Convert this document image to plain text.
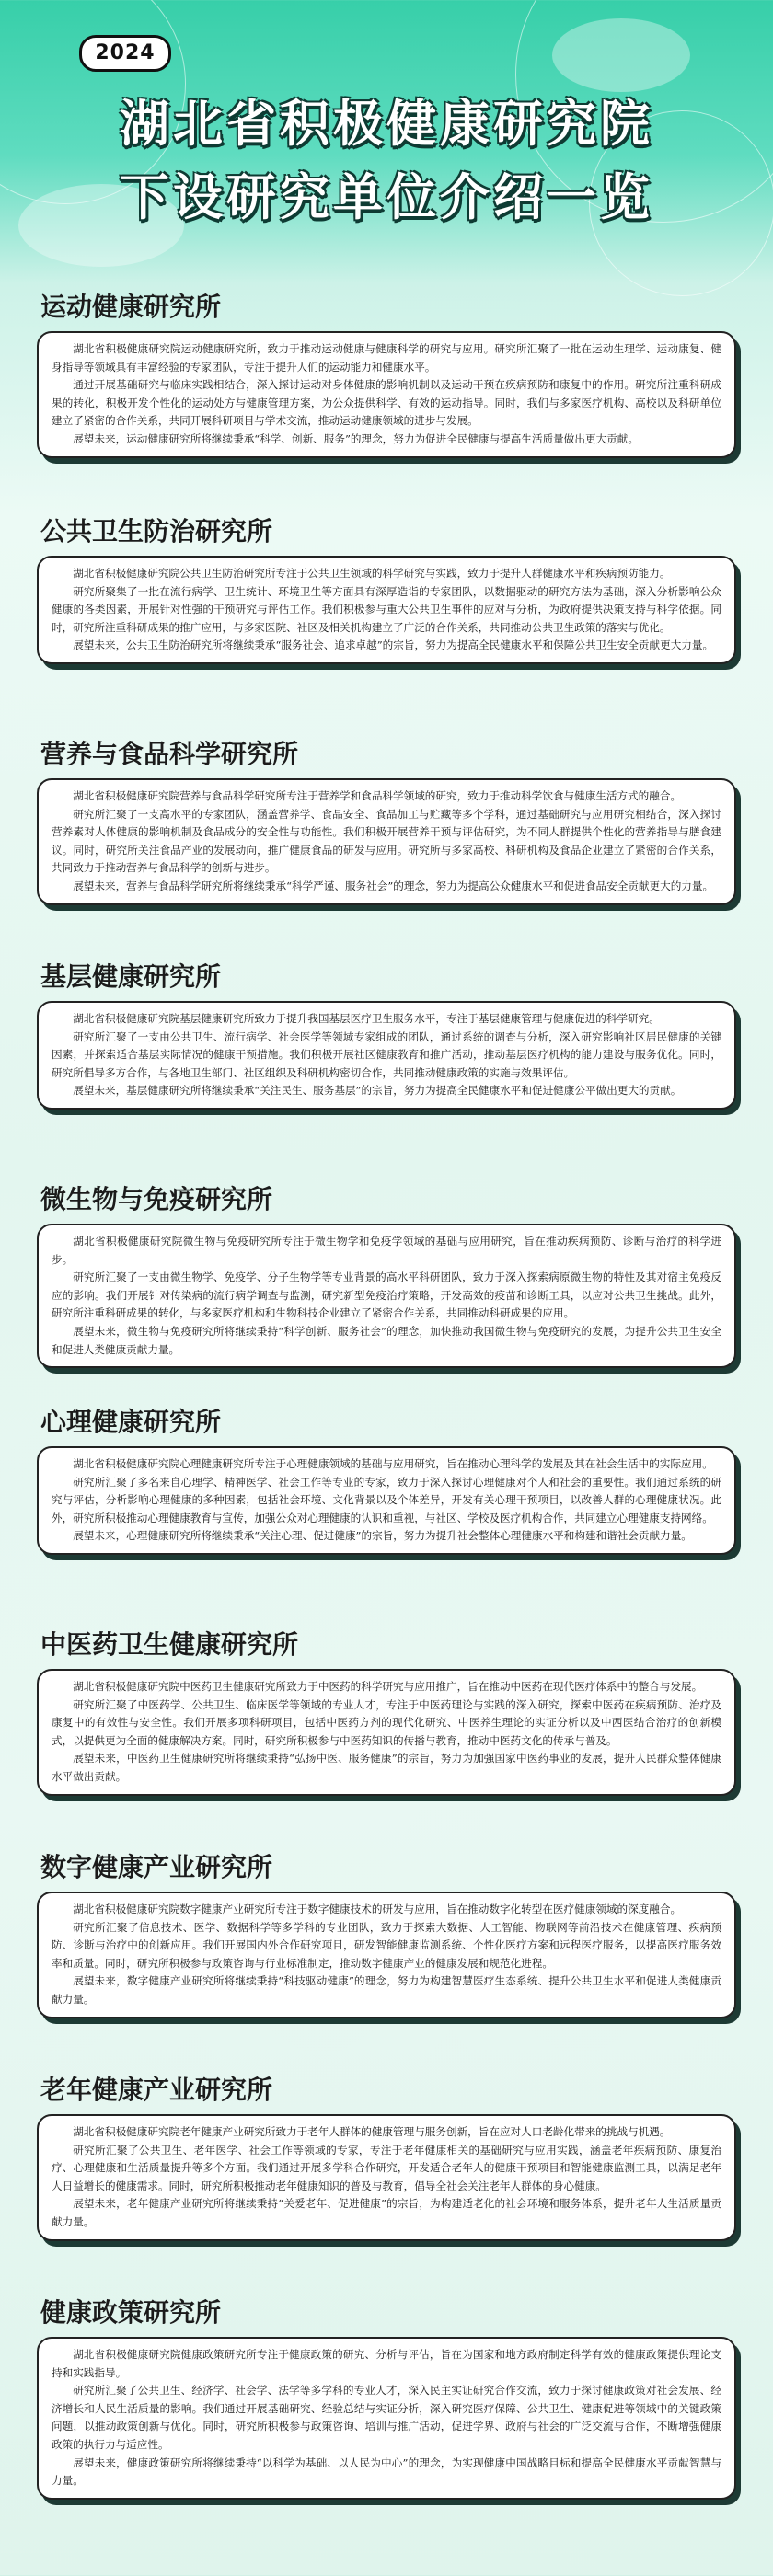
2024
湖北省积极健康研究院
下设研究单位介绍一览
运动健康研究所

湖北省积极健康研究院运动健康研究所，致力于推动运动健康与健康科学的研究与应用。研究所汇聚了一批在运动生理学、运动康复、健身指导等领域具有丰富经验的专家团队，专注于提升人们的运动能力和健康水平。

通过开展基础研究与临床实践相结合，深入探讨运动对身体健康的影响机制以及运动干预在疾病预防和康复中的作用。研究所注重科研成果的转化，积极开发个性化的运动处方与健康管理方案，为公众提供科学、有效的运动指导。同时，我们与多家医疗机构、高校以及科研单位建立了紧密的合作关系，共同开展科研项目与学术交流，推动运动健康领域的进步与发展。

展望未来，运动健康研究所将继续秉承“科学、创新、服务”的理念，努力为促进全民健康与提高生活质量做出更大贡献。

公共卫生防治研究所

湖北省积极健康研究院公共卫生防治研究所专注于公共卫生领域的科学研究与实践，致力于提升人群健康水平和疾病预防能力。

研究所聚集了一批在流行病学、卫生统计、环境卫生等方面具有深厚造诣的专家团队，以数据驱动的研究方法为基础，深入分析影响公众健康的各类因素，开展针对性强的干预研究与评估工作。我们积极参与重大公共卫生事件的应对与分析，为政府提供决策支持与科学依据。同时，研究所注重科研成果的推广应用，与多家医院、社区及相关机构建立了广泛的合作关系，共同推动公共卫生政策的落实与优化。

展望未来，公共卫生防治研究所将继续秉承“服务社会、追求卓越”的宗旨，努力为提高全民健康水平和保障公共卫生安全贡献更大力量。

营养与食品科学研究所

湖北省积极健康研究院营养与食品科学研究所专注于营养学和食品科学领域的研究，致力于推动科学饮食与健康生活方式的融合。

研究所汇聚了一支高水平的专家团队，涵盖营养学、食品安全、食品加工与贮藏等多个学科，通过基础研究与应用研究相结合，深入探讨营养素对人体健康的影响机制及食品成分的安全性与功能性。我们积极开展营养干预与评估研究，为不同人群提供个性化的营养指导与膳食建议。同时，研究所关注食品产业的发展动向，推广健康食品的研发与应用。研究所与多家高校、科研机构及食品企业建立了紧密的合作关系，共同致力于推动营养与食品科学的创新与进步。

展望未来，营养与食品科学研究所将继续秉承“科学严谨、服务社会”的理念，努力为提高公众健康水平和促进食品安全贡献更大的力量。

基层健康研究所

湖北省积极健康研究院基层健康研究所致力于提升我国基层医疗卫生服务水平，专注于基层健康管理与健康促进的科学研究。

研究所汇聚了一支由公共卫生、流行病学、社会医学等领域专家组成的团队，通过系统的调查与分析，深入研究影响社区居民健康的关键因素，并探索适合基层实际情况的健康干预措施。我们积极开展社区健康教育和推广活动，推动基层医疗机构的能力建设与服务优化。同时，研究所倡导多方合作，与各地卫生部门、社区组织及科研机构密切合作，共同推动健康政策的实施与效果评估。

展望未来，基层健康研究所将继续秉承“关注民生、服务基层”的宗旨，努力为提高全民健康水平和促进健康公平做出更大的贡献。

微生物与免疫研究所

湖北省积极健康研究院微生物与免疫研究所专注于微生物学和免疫学领域的基础与应用研究，旨在推动疾病预防、诊断与治疗的科学进步。

研究所汇聚了一支由微生物学、免疫学、分子生物学等专业背景的高水平科研团队，致力于深入探索病原微生物的特性及其对宿主免疫反应的影响。我们开展针对传染病的流行病学调查与监测，研究新型免疫治疗策略，开发高效的疫苗和诊断工具，以应对公共卫生挑战。此外，研究所注重科研成果的转化，与多家医疗机构和生物科技企业建立了紧密合作关系，共同推动科研成果的应用。

展望未来，微生物与免疫研究所将继续秉持“科学创新、服务社会”的理念，加快推动我国微生物与免疫研究的发展，为提升公共卫生安全和促进人类健康贡献力量。

心理健康研究所

湖北省积极健康研究院心理健康研究所专注于心理健康领域的基础与应用研究，旨在推动心理科学的发展及其在社会生活中的实际应用。

研究所汇聚了多名来自心理学、精神医学、社会工作等专业的专家，致力于深入探讨心理健康对个人和社会的重要性。我们通过系统的研究与评估，分析影响心理健康的多种因素，包括社会环境、文化背景以及个体差异，开发有关心理干预项目，以改善人群的心理健康状况。此外，研究所积极推动心理健康教育与宣传，加强公众对心理健康的认识和重视，与社区、学校及医疗机构合作，共同建立心理健康支持网络。

展望未来，心理健康研究所将继续秉承“关注心理、促进健康”的宗旨，努力为提升社会整体心理健康水平和构建和谐社会贡献力量。

中医药卫生健康研究所

湖北省积极健康研究院中医药卫生健康研究所致力于中医药的科学研究与应用推广，旨在推动中医药在现代医疗体系中的整合与发展。

研究所汇聚了中医药学、公共卫生、临床医学等领域的专业人才，专注于中医药理论与实践的深入研究，探索中医药在疾病预防、治疗及康复中的有效性与安全性。我们开展多项科研项目，包括中医药方剂的现代化研究、中医养生理论的实证分析以及中西医结合治疗的创新模式，以提供更为全面的健康解决方案。同时，研究所积极参与中医药知识的传播与教育，推动中医药文化的传承与普及。

展望未来，中医药卫生健康研究所将继续秉持“弘扬中医、服务健康”的宗旨，努力为加强国家中医药事业的发展，提升人民群众整体健康水平做出贡献。

数字健康产业研究所

湖北省积极健康研究院数字健康产业研究所专注于数字健康技术的研发与应用，旨在推动数字化转型在医疗健康领域的深度融合。

研究所汇聚了信息技术、医学、数据科学等多学科的专业团队，致力于探索大数据、人工智能、物联网等前沿技术在健康管理、疾病预防、诊断与治疗中的创新应用。我们开展国内外合作研究项目，研发智能健康监测系统、个性化医疗方案和远程医疗服务，以提高医疗服务效率和质量。同时，研究所积极参与政策咨询与行业标准制定，推动数字健康产业的健康发展和规范化进程。

展望未来，数字健康产业研究所将继续秉持“科技驱动健康”的理念，努力为构建智慧医疗生态系统、提升公共卫生水平和促进人类健康贡献力量。

老年健康产业研究所

湖北省积极健康研究院老年健康产业研究所致力于老年人群体的健康管理与服务创新，旨在应对人口老龄化带来的挑战与机遇。

研究所汇聚了公共卫生、老年医学、社会工作等领域的专家，专注于老年健康相关的基础研究与应用实践，涵盖老年疾病预防、康复治疗、心理健康和生活质量提升等多个方面。我们通过开展多学科合作研究，开发适合老年人的健康干预项目和智能健康监测工具，以满足老年人日益增长的健康需求。同时，研究所积极推动老年健康知识的普及与教育，倡导全社会关注老年人群体的身心健康。

展望未来，老年健康产业研究所将继续秉持“关爱老年、促进健康”的宗旨，为构建适老化的社会环境和服务体系，提升老年人生活质量贡献力量。

健康政策研究所

湖北省积极健康研究院健康政策研究所专注于健康政策的研究、分析与评估，旨在为国家和地方政府制定科学有效的健康政策提供理论支持和实践指导。

研究所汇聚了公共卫生、经济学、社会学、法学等多学科的专业人才，深入民主实证研究合作交流，致力于探讨健康政策对社会发展、经济增长和人民生活质量的影响。我们通过开展基础研究、经验总结与实证分析，深入研究医疗保障、公共卫生、健康促进等领域中的关键政策问题，以推动政策创新与优化。同时，研究所积极参与政策咨询、培训与推广活动，促进学界、政府与社会的广泛交流与合作，不断增强健康政策的执行力与适应性。

展望未来，健康政策研究所将继续秉持“以科学为基础、以人民为中心”的理念，为实现健康中国战略目标和提高全民健康水平贡献智慧与力量。
